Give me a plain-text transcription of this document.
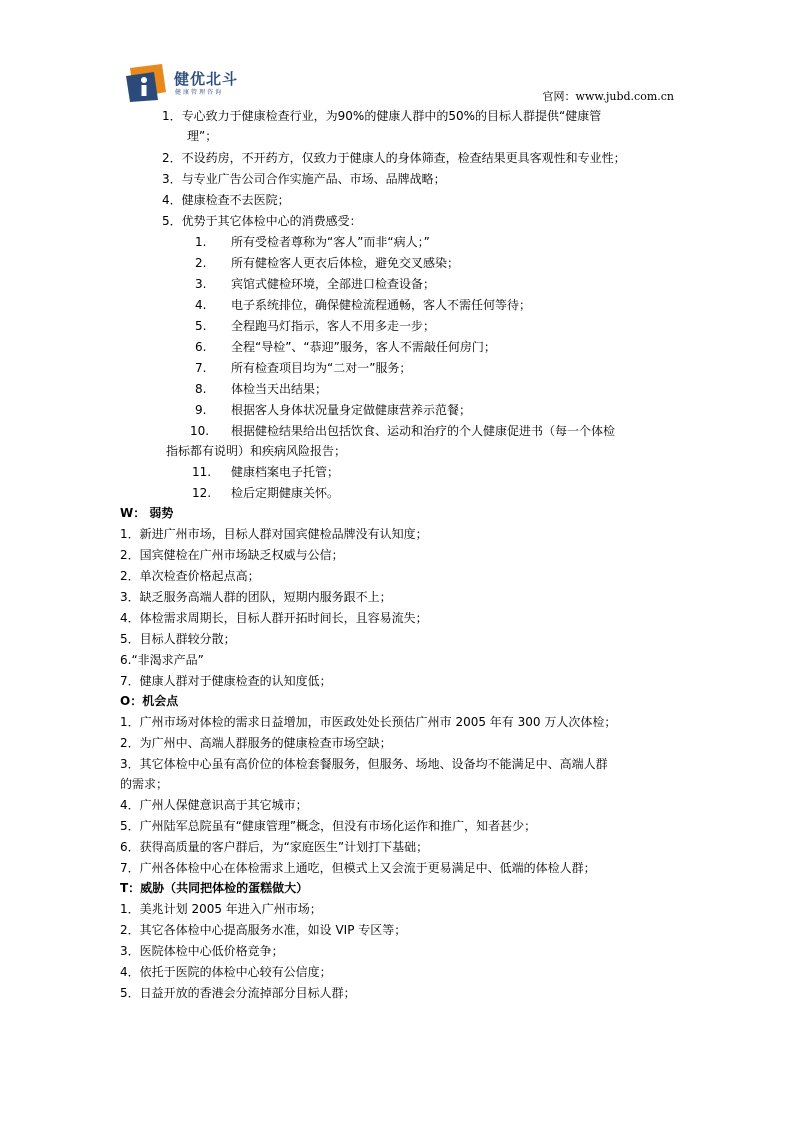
健优北斗
健康管理咨询	官网：www.jubd.com.cn
1．专心致力于健康检查行业，为90%的健康人群中的50%的目标人群提供“健康管
理”；
2．不设药房，不开药方，仅致力于健康人的身体筛查，检查结果更具客观性和专业性；
3．与专业广告公司合作实施产品、市场、品牌战略；
4．健康检查不去医院；
5．优势于其它体检中心的消费感受：
1. 所有受检者尊称为“客人”而非“病人；”
2. 所有健检客人更衣后体检，避免交叉感染；
3. 宾馆式健检环境，全部进口检查设备；
4. 电子系统排位，确保健检流程通畅，客人不需任何等待；
5. 全程跑马灯指示，客人不用多走一步；
6. 全程“导检”、“恭迎”服务，客人不需敲任何房门；
7. 所有检查项目均为“二对一”服务；
8. 体检当天出结果；
9. 根据客人身体状况量身定做健康营养示范餐；
10. 根据健检结果给出包括饮食、运动和治疗的个人健康促进书（每一个体检
指标都有说明）和疾病风险报告；
11. 健康档案电子托管；
12. 检后定期健康关怀。
W： 弱势
1．新进广州市场，目标人群对国宾健检品牌没有认知度；
2．国宾健检在广州市场缺乏权威与公信；
2．单次检查价格起点高；
3．缺乏服务高端人群的团队，短期内服务跟不上；
4．体检需求周期长，目标人群开拓时间长，且容易流失；
5．目标人群较分散；
6.“非渴求产品”
7．健康人群对于健康检查的认知度低；
O：机会点
1．广州市场对体检的需求日益增加，市医政处处长预估广州市 2005 年有 300 万人次体检；
2．为广州中、高端人群服务的健康检查市场空缺；
3．其它体检中心虽有高价位的体检套餐服务，但服务、场地、设备均不能满足中、高端人群
的需求；
4．广州人保健意识高于其它城市；
5．广州陆军总院虽有“健康管理”概念，但没有市场化运作和推广，知者甚少；
6．获得高质量的客户群后，为“家庭医生”计划打下基础；
7．广州各体检中心在体检需求上通吃，但模式上又会流于更易满足中、低端的体检人群；
T：威胁（共同把体检的蛋糕做大）
1．美兆计划 2005 年进入广州市场；
2．其它各体检中心提高服务水准，如设 VIP 专区等；
3．医院体检中心低价格竞争；
4．依托于医院的体检中心较有公信度；
5．日益开放的香港会分流掉部分目标人群；
